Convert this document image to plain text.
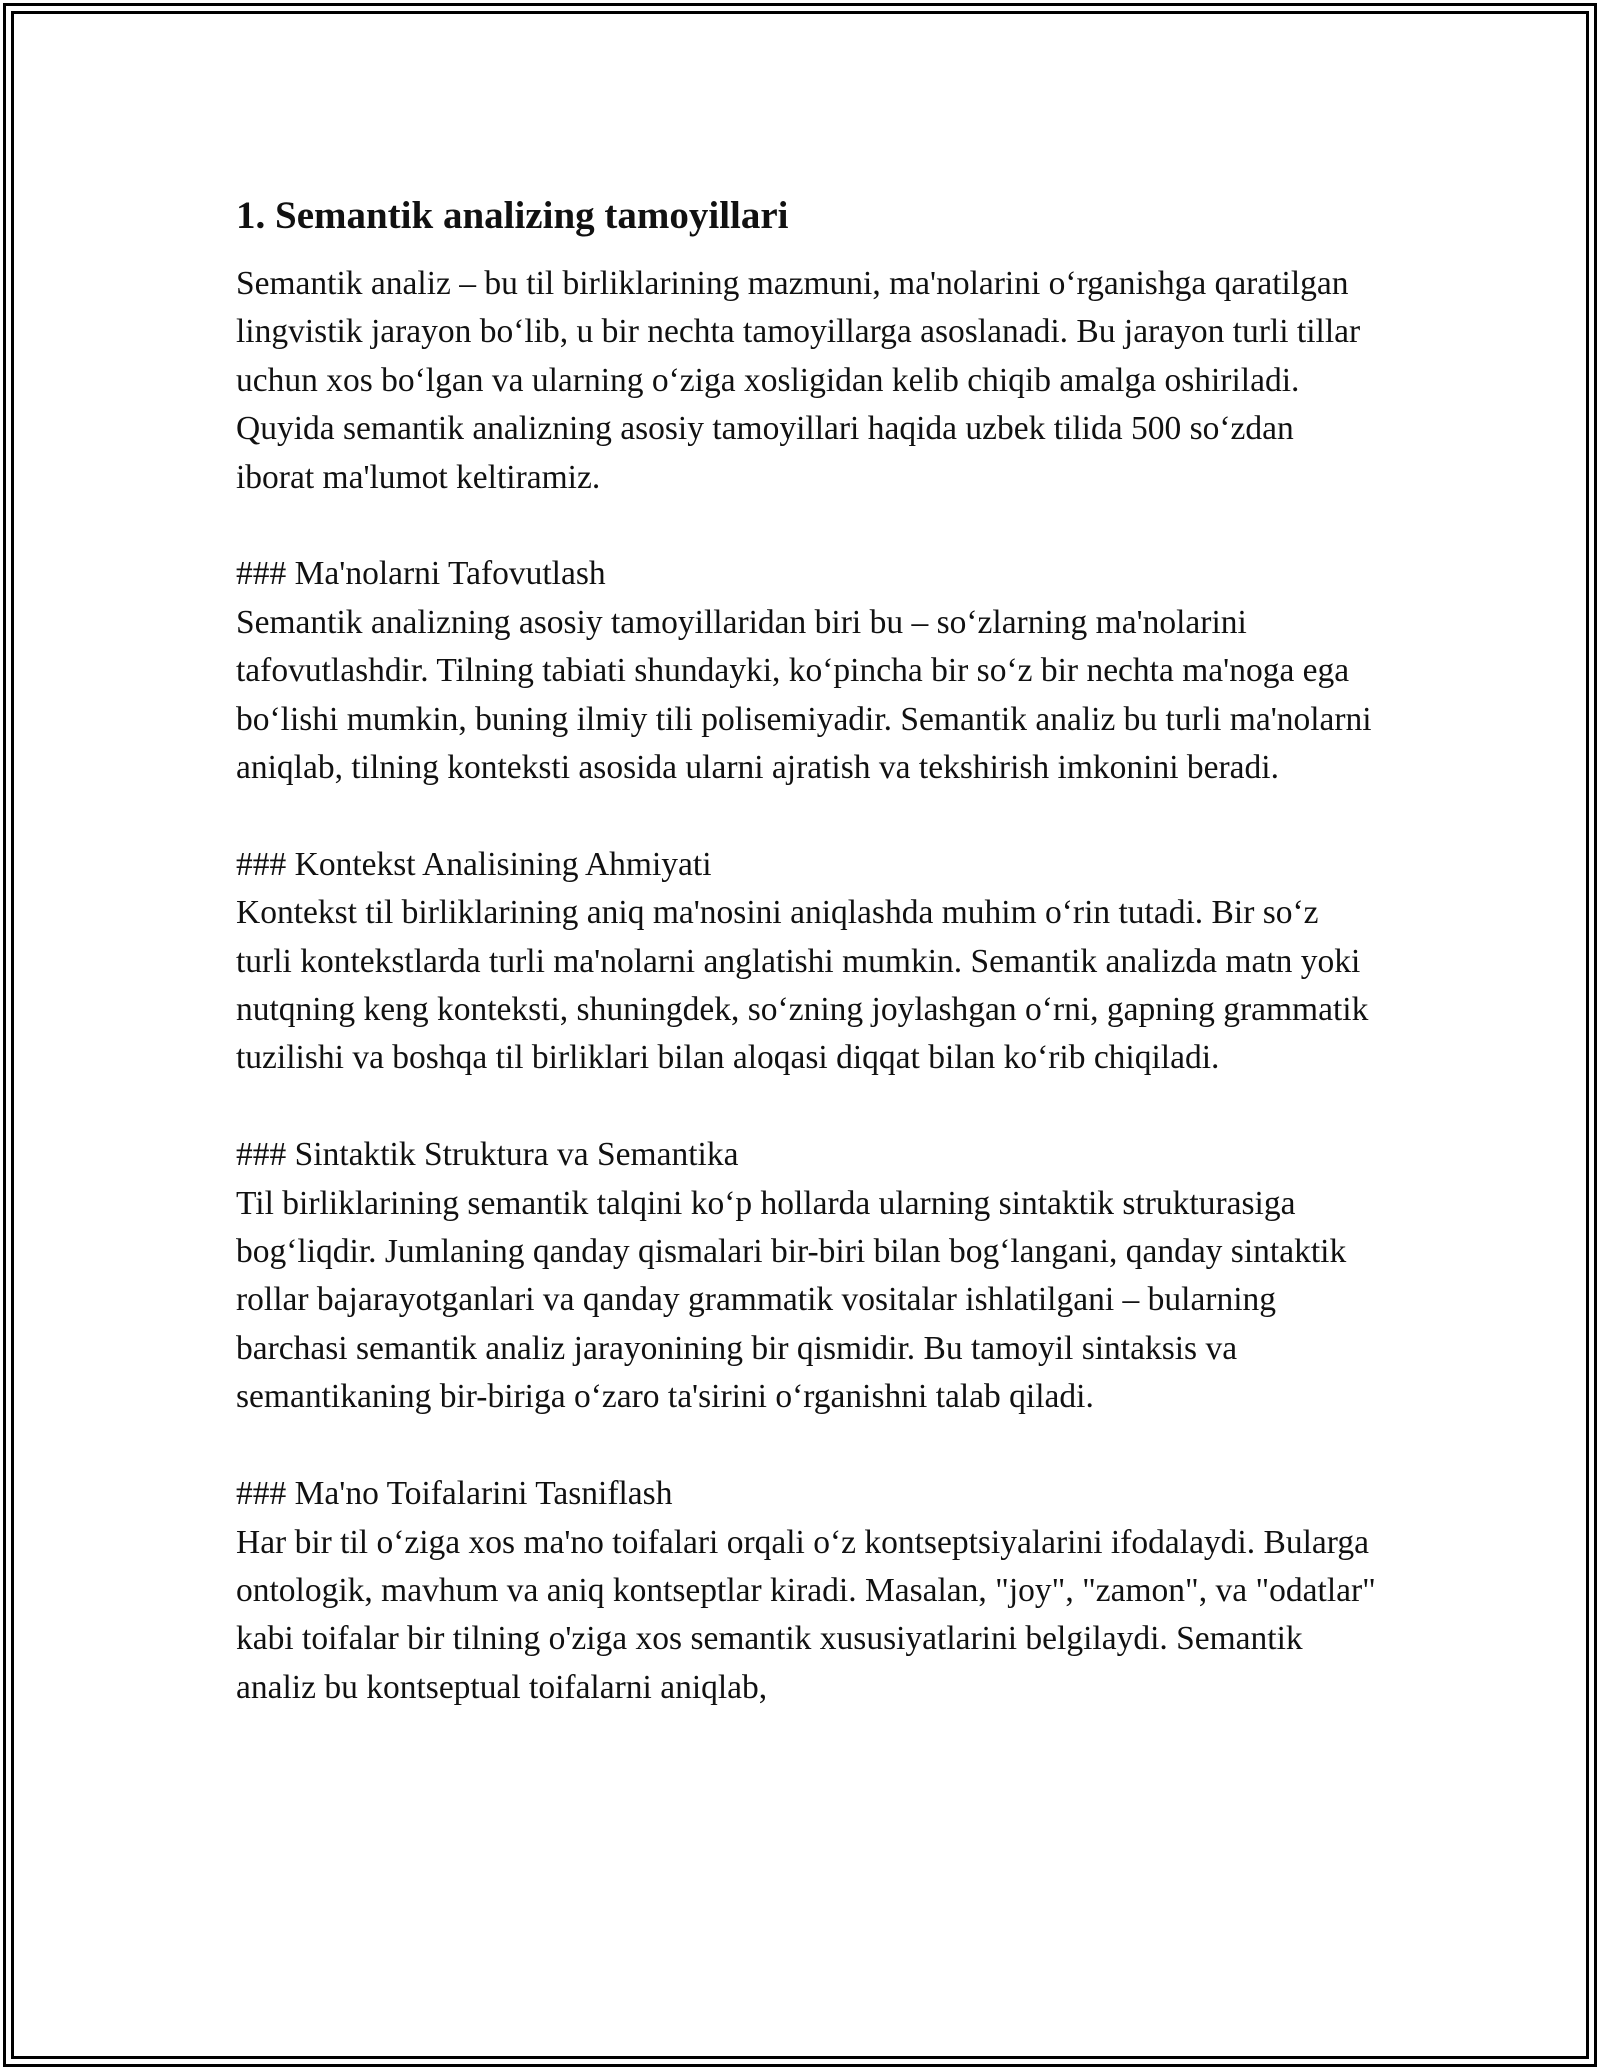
1. Semantik analizing tamoyillari

Semantik analiz – bu til birliklarining mazmuni, ma'nolarini o‘rganishga qaratilgan lingvistik jarayon bo‘lib, u bir nechta tamoyillarga asoslanadi. Bu jarayon turli tillar uchun xos bo‘lgan va ularning o‘ziga xosligidan kelib chiqib amalga oshiriladi. Quyida semantik analizning asosiy tamoyillari haqida uzbek tilida 500 so‘zdan iborat ma'lumot keltiramiz.

### Ma'nolarni Tafovutlash
Semantik analizning asosiy tamoyillaridan biri bu – so‘zlarning ma'nolarini tafovutlashdir. Tilning tabiati shundayki, ko‘pincha bir so‘z bir nechta ma'noga ega bo‘lishi mumkin, buning ilmiy tili polisemiyadir. Semantik analiz bu turli ma'nolarni aniqlab, tilning konteksti asosida ularni ajratish va tekshirish imkonini beradi.

### Kontekst Analisining Ahmiyati
Kontekst til birliklarining aniq ma'nosini aniqlashda muhim o‘rin tutadi. Bir so‘z turli kontekstlarda turli ma'nolarni anglatishi mumkin. Semantik analizda matn yoki nutqning keng konteksti, shuningdek, so‘zning joylashgan o‘rni, gapning grammatik tuzilishi va boshqa til birliklari bilan aloqasi diqqat bilan ko‘rib chiqiladi.

### Sintaktik Struktura va Semantika
Til birliklarining semantik talqini ko‘p hollarda ularning sintaktik strukturasiga bog‘liqdir. Jumlaning qanday qismalari bir-biri bilan bog‘langani, qanday sintaktik rollar bajarayotganlari va qanday grammatik vositalar ishlatilgani – bularning barchasi semantik analiz jarayonining bir qismidir. Bu tamoyil sintaksis va semantikaning bir-biriga o‘zaro ta'sirini o‘rganishni talab qiladi.

### Ma'no Toifalarini Tasniflash
Har bir til o‘ziga xos ma'no toifalari orqali o‘z kontseptsiyalarini ifodalaydi. Bularga ontologik, mavhum va aniq kontseptlar kiradi. Masalan, "joy", "zamon", va "odatlar" kabi toifalar bir tilning o'ziga xos semantik xususiyatlarini belgilaydi. Semantik analiz bu kontseptual toifalarni aniqlab,
